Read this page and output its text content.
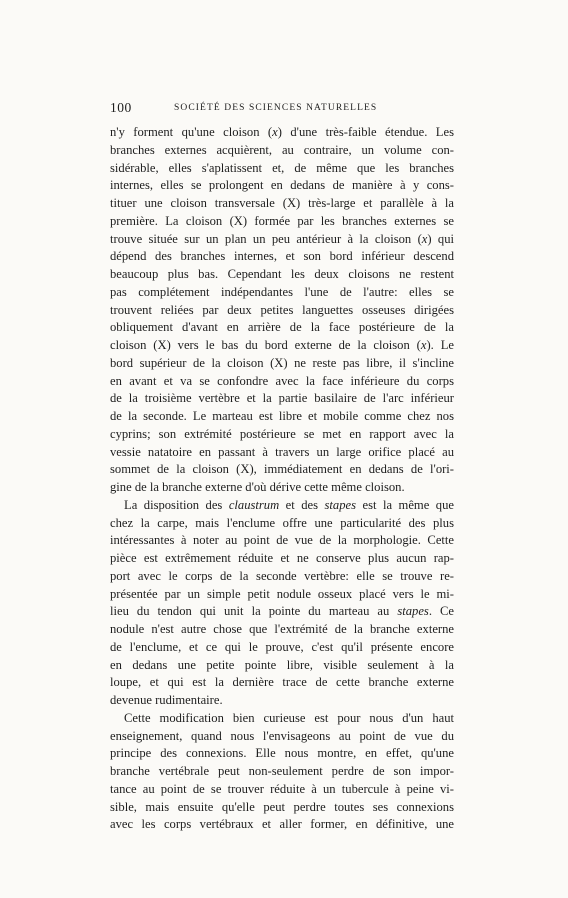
100	SOCIÉTÉ DES SCIENCES NATURELLES
n'y forment qu'une cloison (x) d'une très-faible étendue. Les
branches externes acquièrent, au contraire, un volume con-
sidérable, elles s'aplatissent et, de même que les branches
internes, elles se prolongent en dedans de manière à y cons-
tituer une cloison transversale (X) très-large et parallèle à la
première. La cloison (X) formée par les branches externes se
trouve située sur un plan un peu antérieur à la cloison (x) qui
dépend des branches internes, et son bord inférieur descend
beaucoup plus bas. Cependant les deux cloisons ne restent
pas complétement indépendantes l'une de l'autre: elles se
trouvent reliées par deux petites languettes osseuses dirigées
obliquement d'avant en arrière de la face postérieure de la
cloison (X) vers le bas du bord externe de la cloison (x). Le
bord supérieur de la cloison (X) ne reste pas libre, il s'incline
en avant et va se confondre avec la face inférieure du corps
de la troisième vertèbre et la partie basilaire de l'arc inférieur
de la seconde. Le marteau est libre et mobile comme chez nos
cyprins; son extrémité postérieure se met en rapport avec la
vessie natatoire en passant à travers un large orifice placé au
sommet de la cloison (X), immédiatement en dedans de l'ori-
gine de la branche externe d'où dérive cette même cloison.
La disposition des claustrum et des stapes est la même que
chez la carpe, mais l'enclume offre une particularité des plus
intéressantes à noter au point de vue de la morphologie. Cette
pièce est extrêmement réduite et ne conserve plus aucun rap-
port avec le corps de la seconde vertèbre: elle se trouve re-
présentée par un simple petit nodule osseux placé vers le mi-
lieu du tendon qui unit la pointe du marteau au stapes. Ce
nodule n'est autre chose que l'extrémité de la branche externe
de l'enclume, et ce qui le prouve, c'est qu'il présente encore
en dedans une petite pointe libre, visible seulement à la
loupe, et qui est la dernière trace de cette branche externe
devenue rudimentaire.
Cette modification bien curieuse est pour nous d'un haut
enseignement, quand nous l'envisageons au point de vue du
principe des connexions. Elle nous montre, en effet, qu'une
branche vertébrale peut non-seulement perdre de son impor-
tance au point de se trouver réduite à un tubercule à peine vi-
sible, mais ensuite qu'elle peut perdre toutes ses connexions
avec les corps vertébraux et aller former, en définitive, une
